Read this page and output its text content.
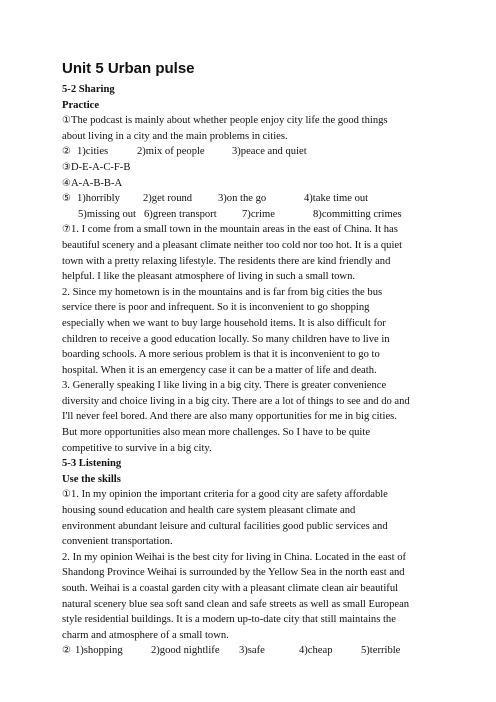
Unit 5 Urban pulse
5-2 Sharing
Practice
①The podcast is mainly about whether people enjoy city life the good things
about living in a city and the main problems in cities.
② 1)cities	2)mix of people	3)peace and quiet
③D-E-A-C-F-B
④A-A-B-B-A
⑤ 1)horribly 2)get round 3)on the go	4)take time out
5)missing out 6)green transport 7)crime	8)committing crimes
⑦1. I come from a small town in the mountain areas in the east of China. It has
beautiful scenery and a pleasant climate neither too cold nor too hot. It is a quiet
town with a pretty relaxing lifestyle. The residents there are kind friendly and
helpful. I like the pleasant atmosphere of living in such a small town.
2. Since my hometown is in the mountains and is far from big cities the bus
service there is poor and infrequent. So it is inconvenient to go shopping
especially when we want to buy large household items. It is also difficult for
children to receive a good education locally. So many children have to live in
boarding schools. A more serious problem is that it is inconvenient to go to
hospital. When it is an emergency case it can be a matter of life and death.
3. Generally speaking I like living in a big city. There is greater convenience
diversity and choice living in a big city. There are a lot of things to see and do and
I'll never feel bored. And there are also many opportunities for me in big cities.
But more opportunities also mean more challenges. So I have to be quite
competitive to survive in a big city.
5-3 Listening
Use the skills
①1. In my opinion the important criteria for a good city are safety affordable
housing sound education and health care system pleasant climate and
environment abundant leisure and cultural facilities good public services and
convenient transportation.
2. In my opinion Weihai is the best city for living in China. Located in the east of
Shandong Province Weihai is surrounded by the Yellow Sea in the north east and
south. Weihai is a coastal garden city with a pleasant climate clean air beautiful
natural scenery blue sea soft sand clean and safe streets as well as small European
style residential buildings. It is a modern up-to-date city that still maintains the
charm and atmosphere of a small town.
② 1)shopping	2)good nightlife 3)safe	4)cheap	5)terrible
